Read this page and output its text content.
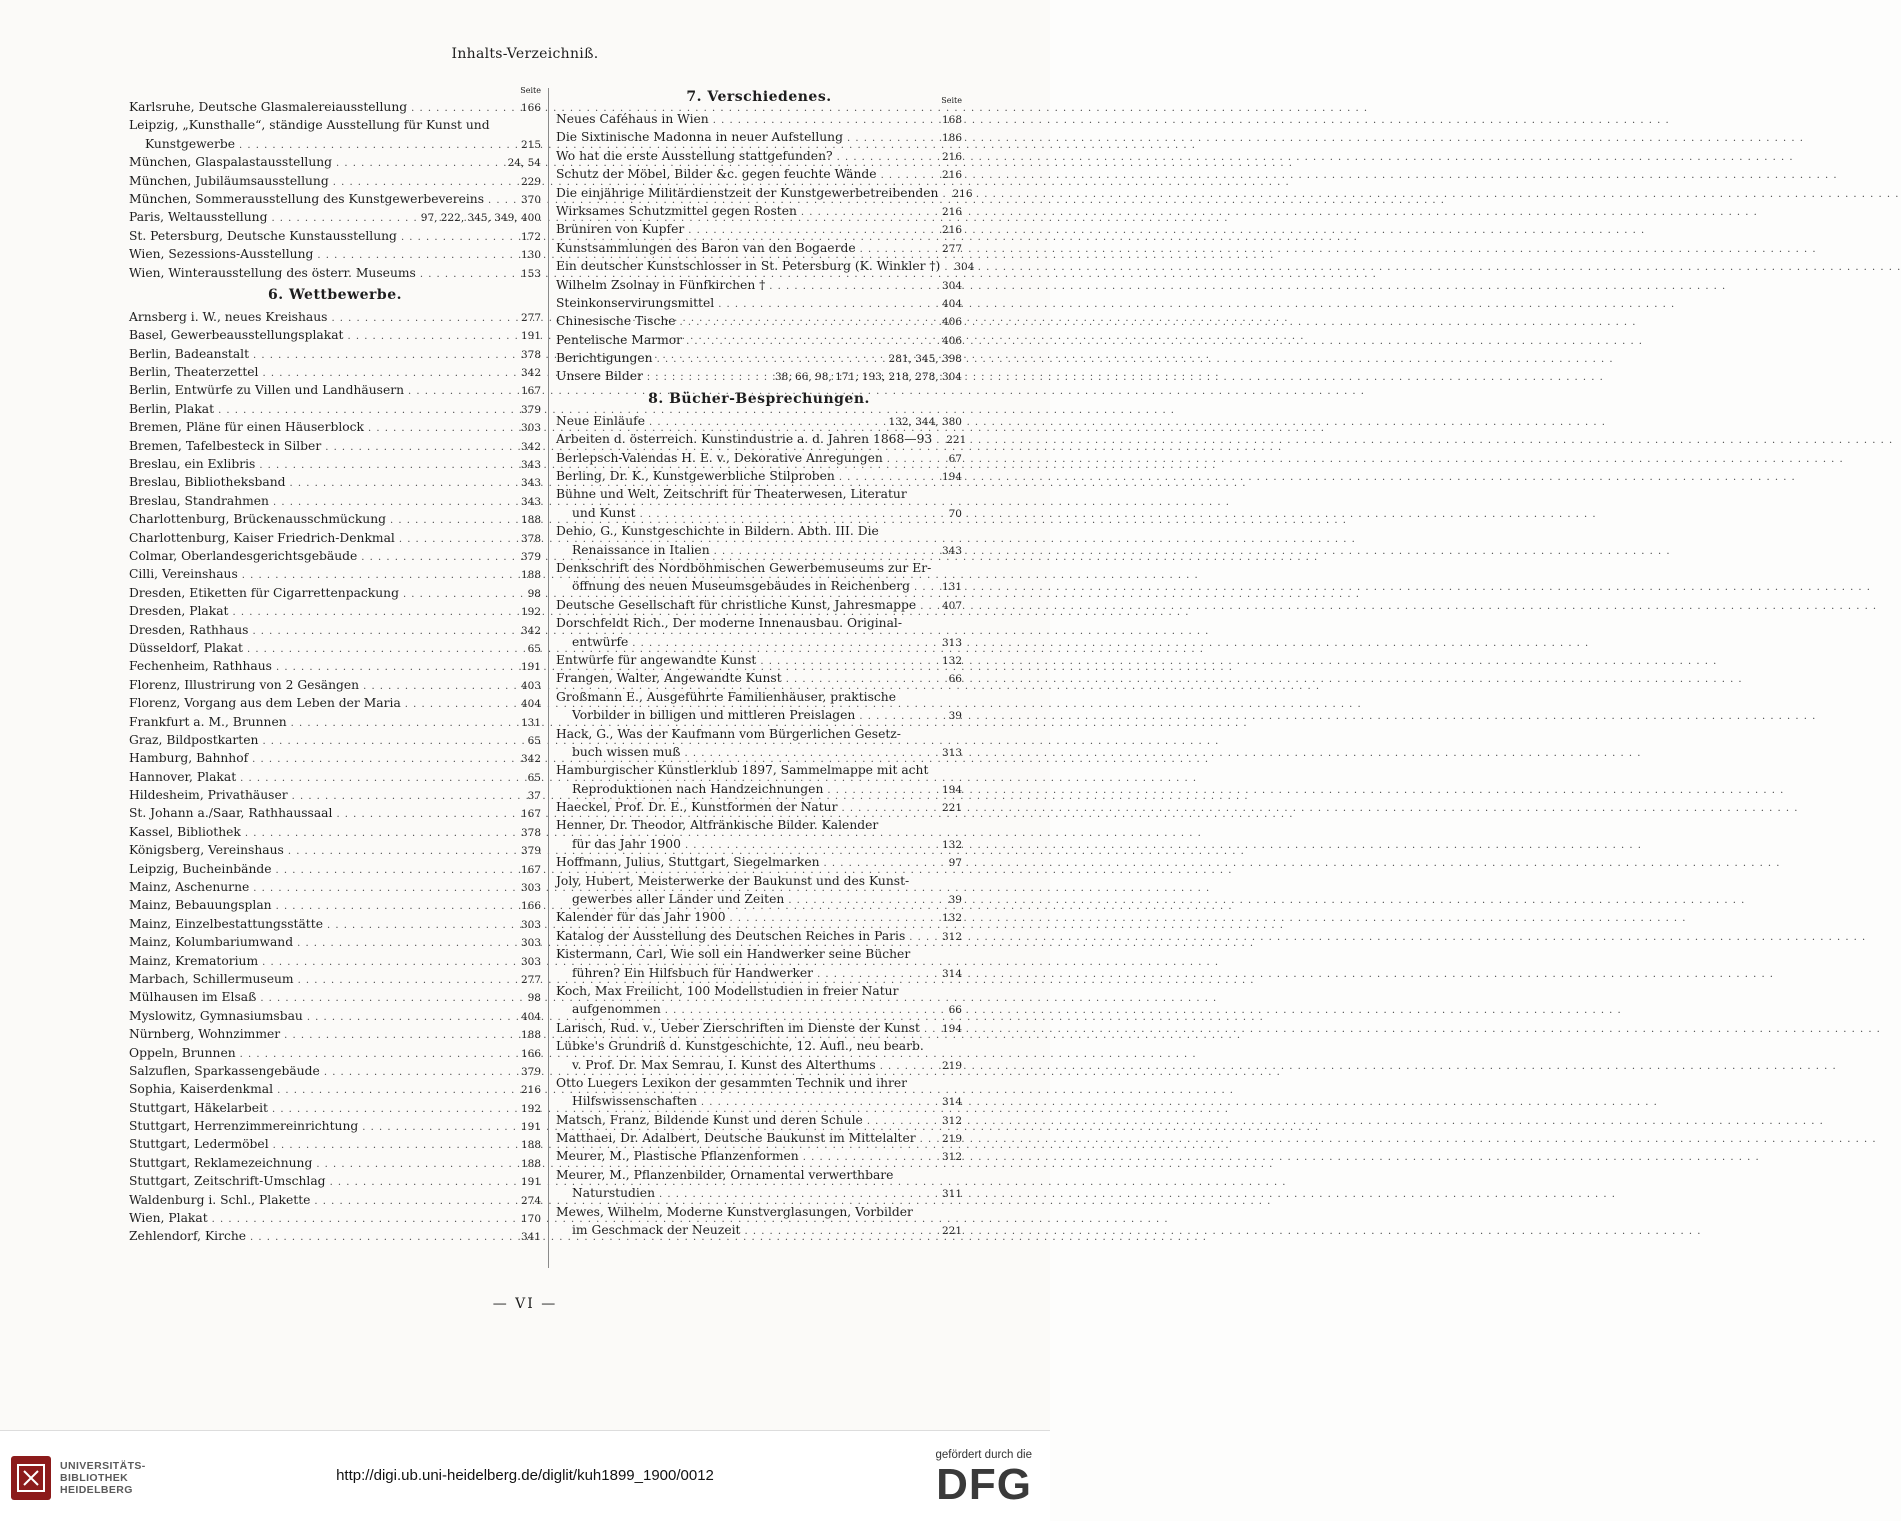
Inhalts-Verzeichniß.
Seite
Karlsruhe, Deutsche Glasmalereiausstellung . . .	166
Leipzig, „Kunsthalle“, ständige Ausstellung für Kunst und
Kunstgewerbe . . .	215
München, Glaspalastausstellung . . .	24, 54
München, Jubiläumsausstellung . . .	229
München, Sommerausstellung des Kunstgewerbevereins . . .	370
Paris, Weltausstellung . . .	97, 222, 345, 349, 400
St. Petersburg, Deutsche Kunstausstellung . . .	172
Wien, Sezessions-Ausstellung . . .	130
Wien, Winterausstellung des österr. Museums . . .	153
6. Wettbewerbe.
Arnsberg i. W., neues Kreishaus . . .	277
Basel, Gewerbeausstellungsplakat . . .	191
Berlin, Badeanstalt . . .	378
Berlin, Theaterzettel . . .	342
Berlin, Entwürfe zu Villen und Landhäusern . . .	167
Berlin, Plakat . . .	379
Bremen, Pläne für einen Häuserblock . . .	303
Bremen, Tafelbesteck in Silber . . .	342
Breslau, ein Exlibris . . .	343
Breslau, Bibliotheksband . . .	343
Breslau, Standrahmen . . .	343
Charlottenburg, Brückenausschmückung . . .	188
Charlottenburg, Kaiser Friedrich-Denkmal . . .	378
Colmar, Oberlandesgerichtsgebäude . . .	379
Cilli, Vereinshaus . . .	188
Dresden, Etiketten für Cigarrettenpackung . . .	98
Dresden, Plakat . . .	192
Dresden, Rathhaus . . .	342
Düsseldorf, Plakat . . .	65
Fechenheim, Rathhaus . . .	191
Florenz, Illustrirung von 2 Gesängen . . .	403
Florenz, Vorgang aus dem Leben der Maria . . .	404
Frankfurt a. M., Brunnen . . .	131
Graz, Bildpostkarten . . .	65
Hamburg, Bahnhof . . .	342
Hannover, Plakat . . .	65
Hildesheim, Privathäuser . . .	37
St. Johann a./Saar, Rathhaussaal . . .	167
Kassel, Bibliothek . . .	378
Königsberg, Vereinshaus . . .	379
Leipzig, Bucheinbände . . .	167
Mainz, Aschenurne . . .	303
Mainz, Bebauungsplan . . .	166
Mainz, Einzelbestattungsstätte . . .	303
Mainz, Kolumbariumwand . . .	303
Mainz, Krematorium . . .	303
Marbach, Schillermuseum . . .	277
Mülhausen im Elsaß . . .	98
Myslowitz, Gymnasiumsbau . . .	404
Nürnberg, Wohnzimmer . . .	188
Oppeln, Brunnen . . .	166
Salzuflen, Sparkassengebäude . . .	379
Sophia, Kaiserdenkmal . . .	216
Stuttgart, Häkelarbeit . . .	192
Stuttgart, Herrenzimmereinrichtung . . .	191
Stuttgart, Ledermöbel . . .	188
Stuttgart, Reklamezeichnung . . .	188
Stuttgart, Zeitschrift-Umschlag . . .	191
Waldenburg i. Schl., Plakette . . .	274
Wien, Plakat . . .	170
Zehlendorf, Kirche . . .	341
7. Verschiedenes.	Seite
Neues Caféhaus in Wien . . .	168
Die Sixtinische Madonna in neuer Aufstellung . . .	186
Wo hat die erste Ausstellung stattgefunden? . . .	216
Schutz der Möbel, Bilder &c. gegen feuchte Wände . . .	216
Die einjährige Militärdienstzeit der Kunstgewerbetreibenden . . . 216
Wirksames Schutzmittel gegen Rosten . . .	216
Brüniren von Kupfer . . .	216
Kunstsammlungen des Baron van den Bogaerde . . .	277
Ein deutscher Kunstschlosser in St. Petersburg (K. Winkler †) . . . 304
Wilhelm Zsolnay in Fünfkirchen † . . .	304
Steinkonservirungsmittel . . .	404
Chinesische Tische . . .	406
Pentelische Marmor . . .	406
Berichtigungen . . .	281, 345, 398
Unsere Bilder . . .	38, 66, 98, 171, 193, 218, 278, 304
8. Bücher-Besprechungen.
Neue Einläufe . . .	132, 344, 380
Arbeiten d. österreich. Kunstindustrie a. d. Jahren 1868—93 . . . 221
Berlepsch-Valendas H. E. v., Dekorative Anregungen . . .	67
Berling, Dr. K., Kunstgewerbliche Stilproben . . .	194
Bühne und Welt, Zeitschrift für Theaterwesen, Literatur
und Kunst . . .	70
Dehio, G., Kunstgeschichte in Bildern. Abth. III. Die
Renaissance in Italien . . .	343
Denkschrift des Nordböhmischen Gewerbemuseums zur Er-
öffnung des neuen Museumsgebäudes in Reichenberg . . .	131
Deutsche Gesellschaft für christliche Kunst, Jahresmappe . . . 407
Dorschfeldt Rich., Der moderne Innenausbau. Original-
entwürfe . . .	313
Entwürfe für angewandte Kunst . . .	132
Frangen, Walter, Angewandte Kunst . . .	66
Großmann E., Ausgeführte Familienhäuser, praktische
Vorbilder in billigen und mittleren Preislagen . . .	39
Hack, G., Was der Kaufmann vom Bürgerlichen Gesetz-
buch wissen muß . . .	313
Hamburgischer Künstlerklub 1897, Sammelmappe mit acht
Reproduktionen nach Handzeichnungen . . .	194
Haeckel, Prof. Dr. E., Kunstformen der Natur . . .	221
Henner, Dr. Theodor, Altfränkische Bilder. Kalender
für das Jahr 1900 . . .	132
Hoffmann, Julius, Stuttgart, Siegelmarken . . .	97
Joly, Hubert, Meisterwerke der Baukunst und des Kunst-
gewerbes aller Länder und Zeiten . . .	39
Kalender für das Jahr 1900 . . .	132
Katalog der Ausstellung des Deutschen Reiches in Paris . . .	312
Kistermann, Carl, Wie soll ein Handwerker seine Bücher
führen? Ein Hilfsbuch für Handwerker . . .	314
Koch, Max Freilicht, 100 Modellstudien in freier Natur
aufgenommen . . .	66
Larisch, Rud. v., Ueber Zierschriften im Dienste der Kunst . . . 194
Lübke's Grundriß d. Kunstgeschichte, 12. Aufl., neu bearb.
v. Prof. Dr. Max Semrau, I. Kunst des Alterthums . . .	219
Otto Luegers Lexikon der gesammten Technik und ihrer
Hilfswissenschaften . . .	314
Matsch, Franz, Bildende Kunst und deren Schule . . .	312
Matthaei, Dr. Adalbert, Deutsche Baukunst im Mittelalter . . .	219
Meurer, M., Plastische Pflanzenformen . . .	312
Meurer, M., Pflanzenbilder, Ornamental verwerthbare
Naturstudien . . .	311
Mewes, Wilhelm, Moderne Kunstverglasungen, Vorbilder
im Geschmack der Neuzeit . . .	221
— VI —
UNIVERSITÄTS-
BIBLIOTHEK
HEIDELBERG
http://digi.ub.uni-heidelberg.de/diglit/kuh1899_1900/0012
gefördert durch die
DFG
